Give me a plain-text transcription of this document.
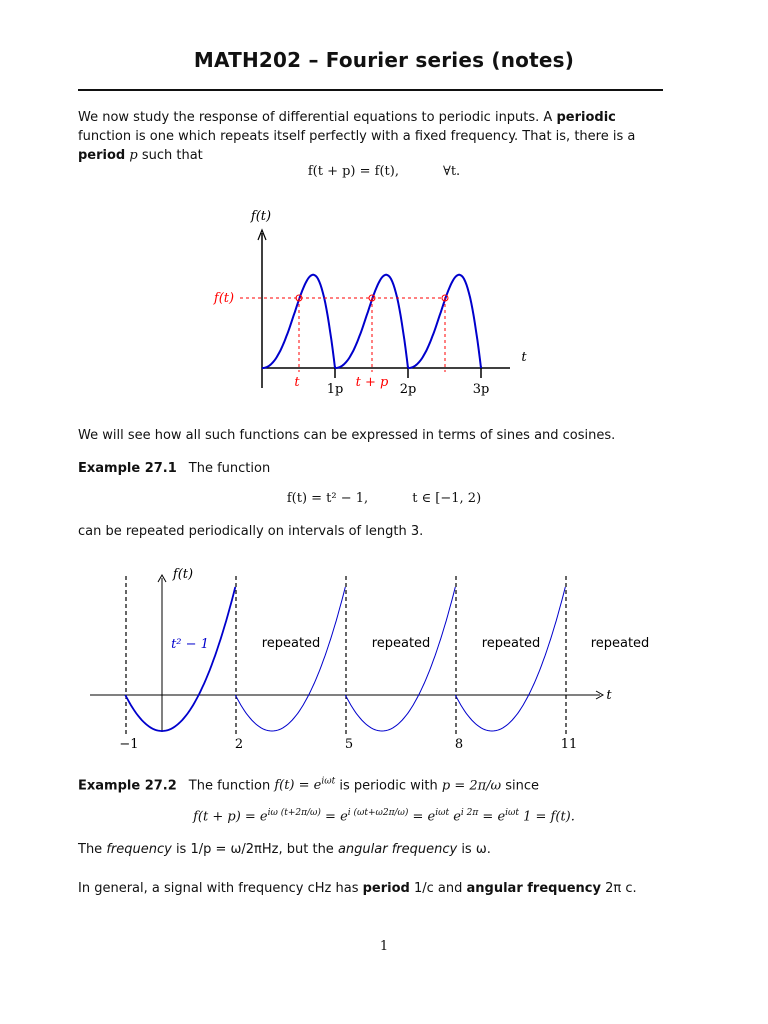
MATH202 – Fourier series (notes)
We now study the response of differential equations to periodic inputs. A periodic function is one which repeats itself perfectly with a fixed frequency. That is, there is a period p such that
f(t + p) = f(t),	∀t.
f(t)
t
f(t)
t	t + p
1p	2p	3p
We will see how all such functions can be expressed in terms of sines and cosines.
Example 27.1 The function
f(t) = t² − 1,	t ∈ [−1, 2)
can be repeated periodically on intervals of length 3.
f(t)
t
t² − 1	repeated	repeated	repeated	repeated
−1	2	5	8	11
Example 27.2 The function $f(t) = e^{i\omega t}$ is periodic with p = 2π/ω since
$f(t + p) = e^{i\omega (t+2\pi/\omega)} = e^{i (\omega t+\omega 2\pi/\omega)} = e^{i\omega t}$ $e^{i 2\pi} = e^{i\omega t}$ 1 = f(t).
The frequency is 1/p = ω/2πHz, but the angular frequency is ω.
In general, a signal with frequency cHz has period 1/c and angular frequency 2π c.
1
